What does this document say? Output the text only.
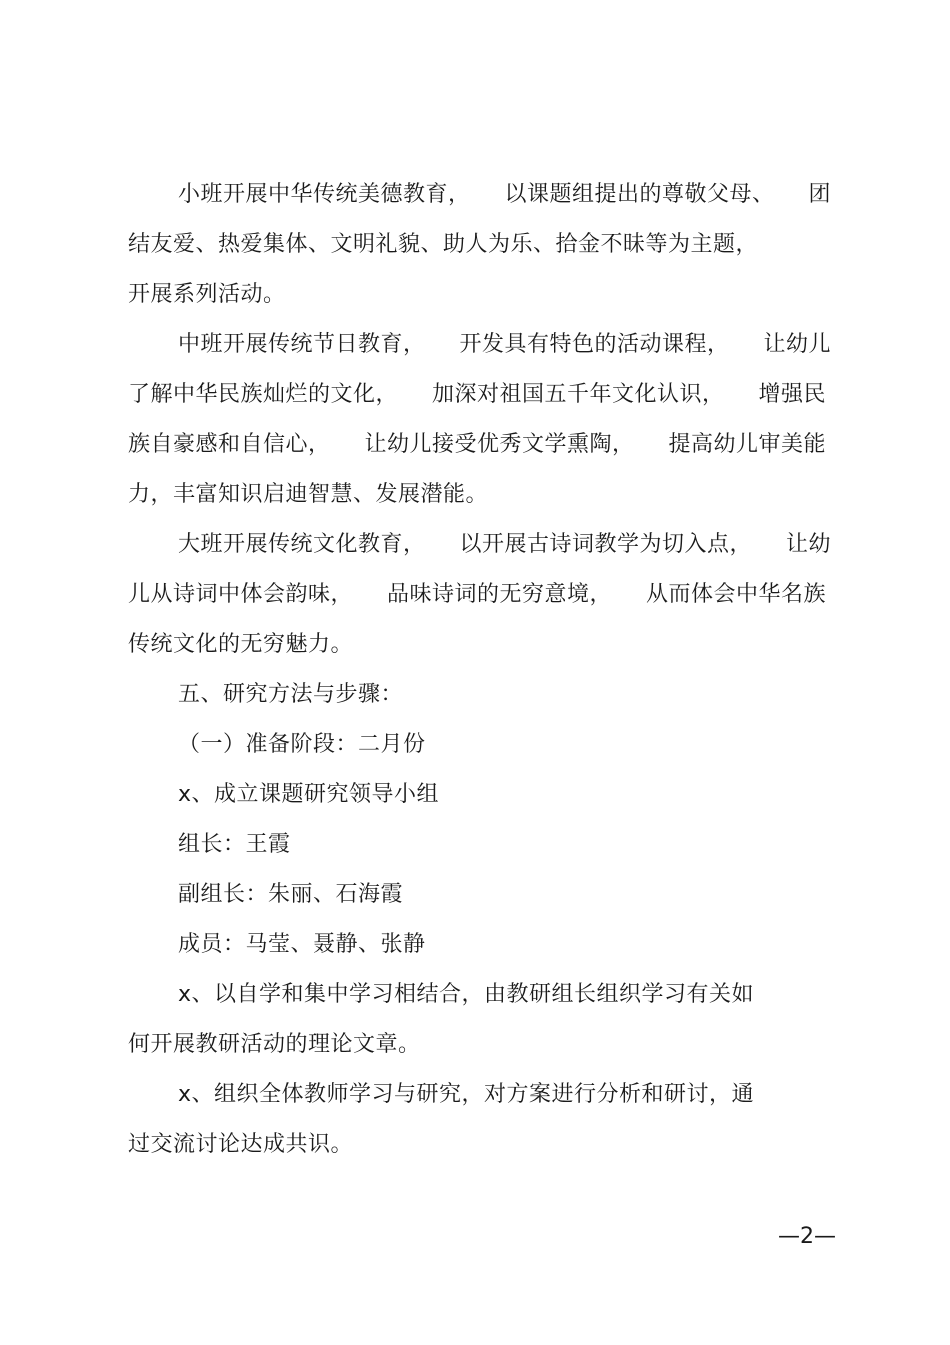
小班开展中华传统美德教育，　　以课题组提出的尊敬父母、　　团
结友爱、热爱集体、文明礼貌、助人为乐、拾金不昧等为主题，
开展系列活动。
中班开展传统节日教育，　　开发具有特色的活动课程，　　让幼儿
了解中华民族灿烂的文化，　　加深对祖国五千年文化认识，　　增强民
族自豪感和自信心，　　让幼儿接受优秀文学熏陶，　　提高幼儿审美能
力，丰富知识启迪智慧、发展潜能。
大班开展传统文化教育，　　以开展古诗词教学为切入点，　　让幼
儿从诗词中体会韵味，　　品味诗词的无穷意境，　　从而体会中华名族
传统文化的无穷魅力。
五、研究方法与步骤：
（一）准备阶段：二月份
x、成立课题研究领导小组
组长：王霞
副组长：朱丽、石海霞
成员：马莹、聂静、张静
x、以自学和集中学习相结合，由教研组长组织学习有关如
何开展教研活动的理论文章。
x、组织全体教师学习与研究，对方案进行分析和研讨，通
过交流讨论达成共识。
—2—
